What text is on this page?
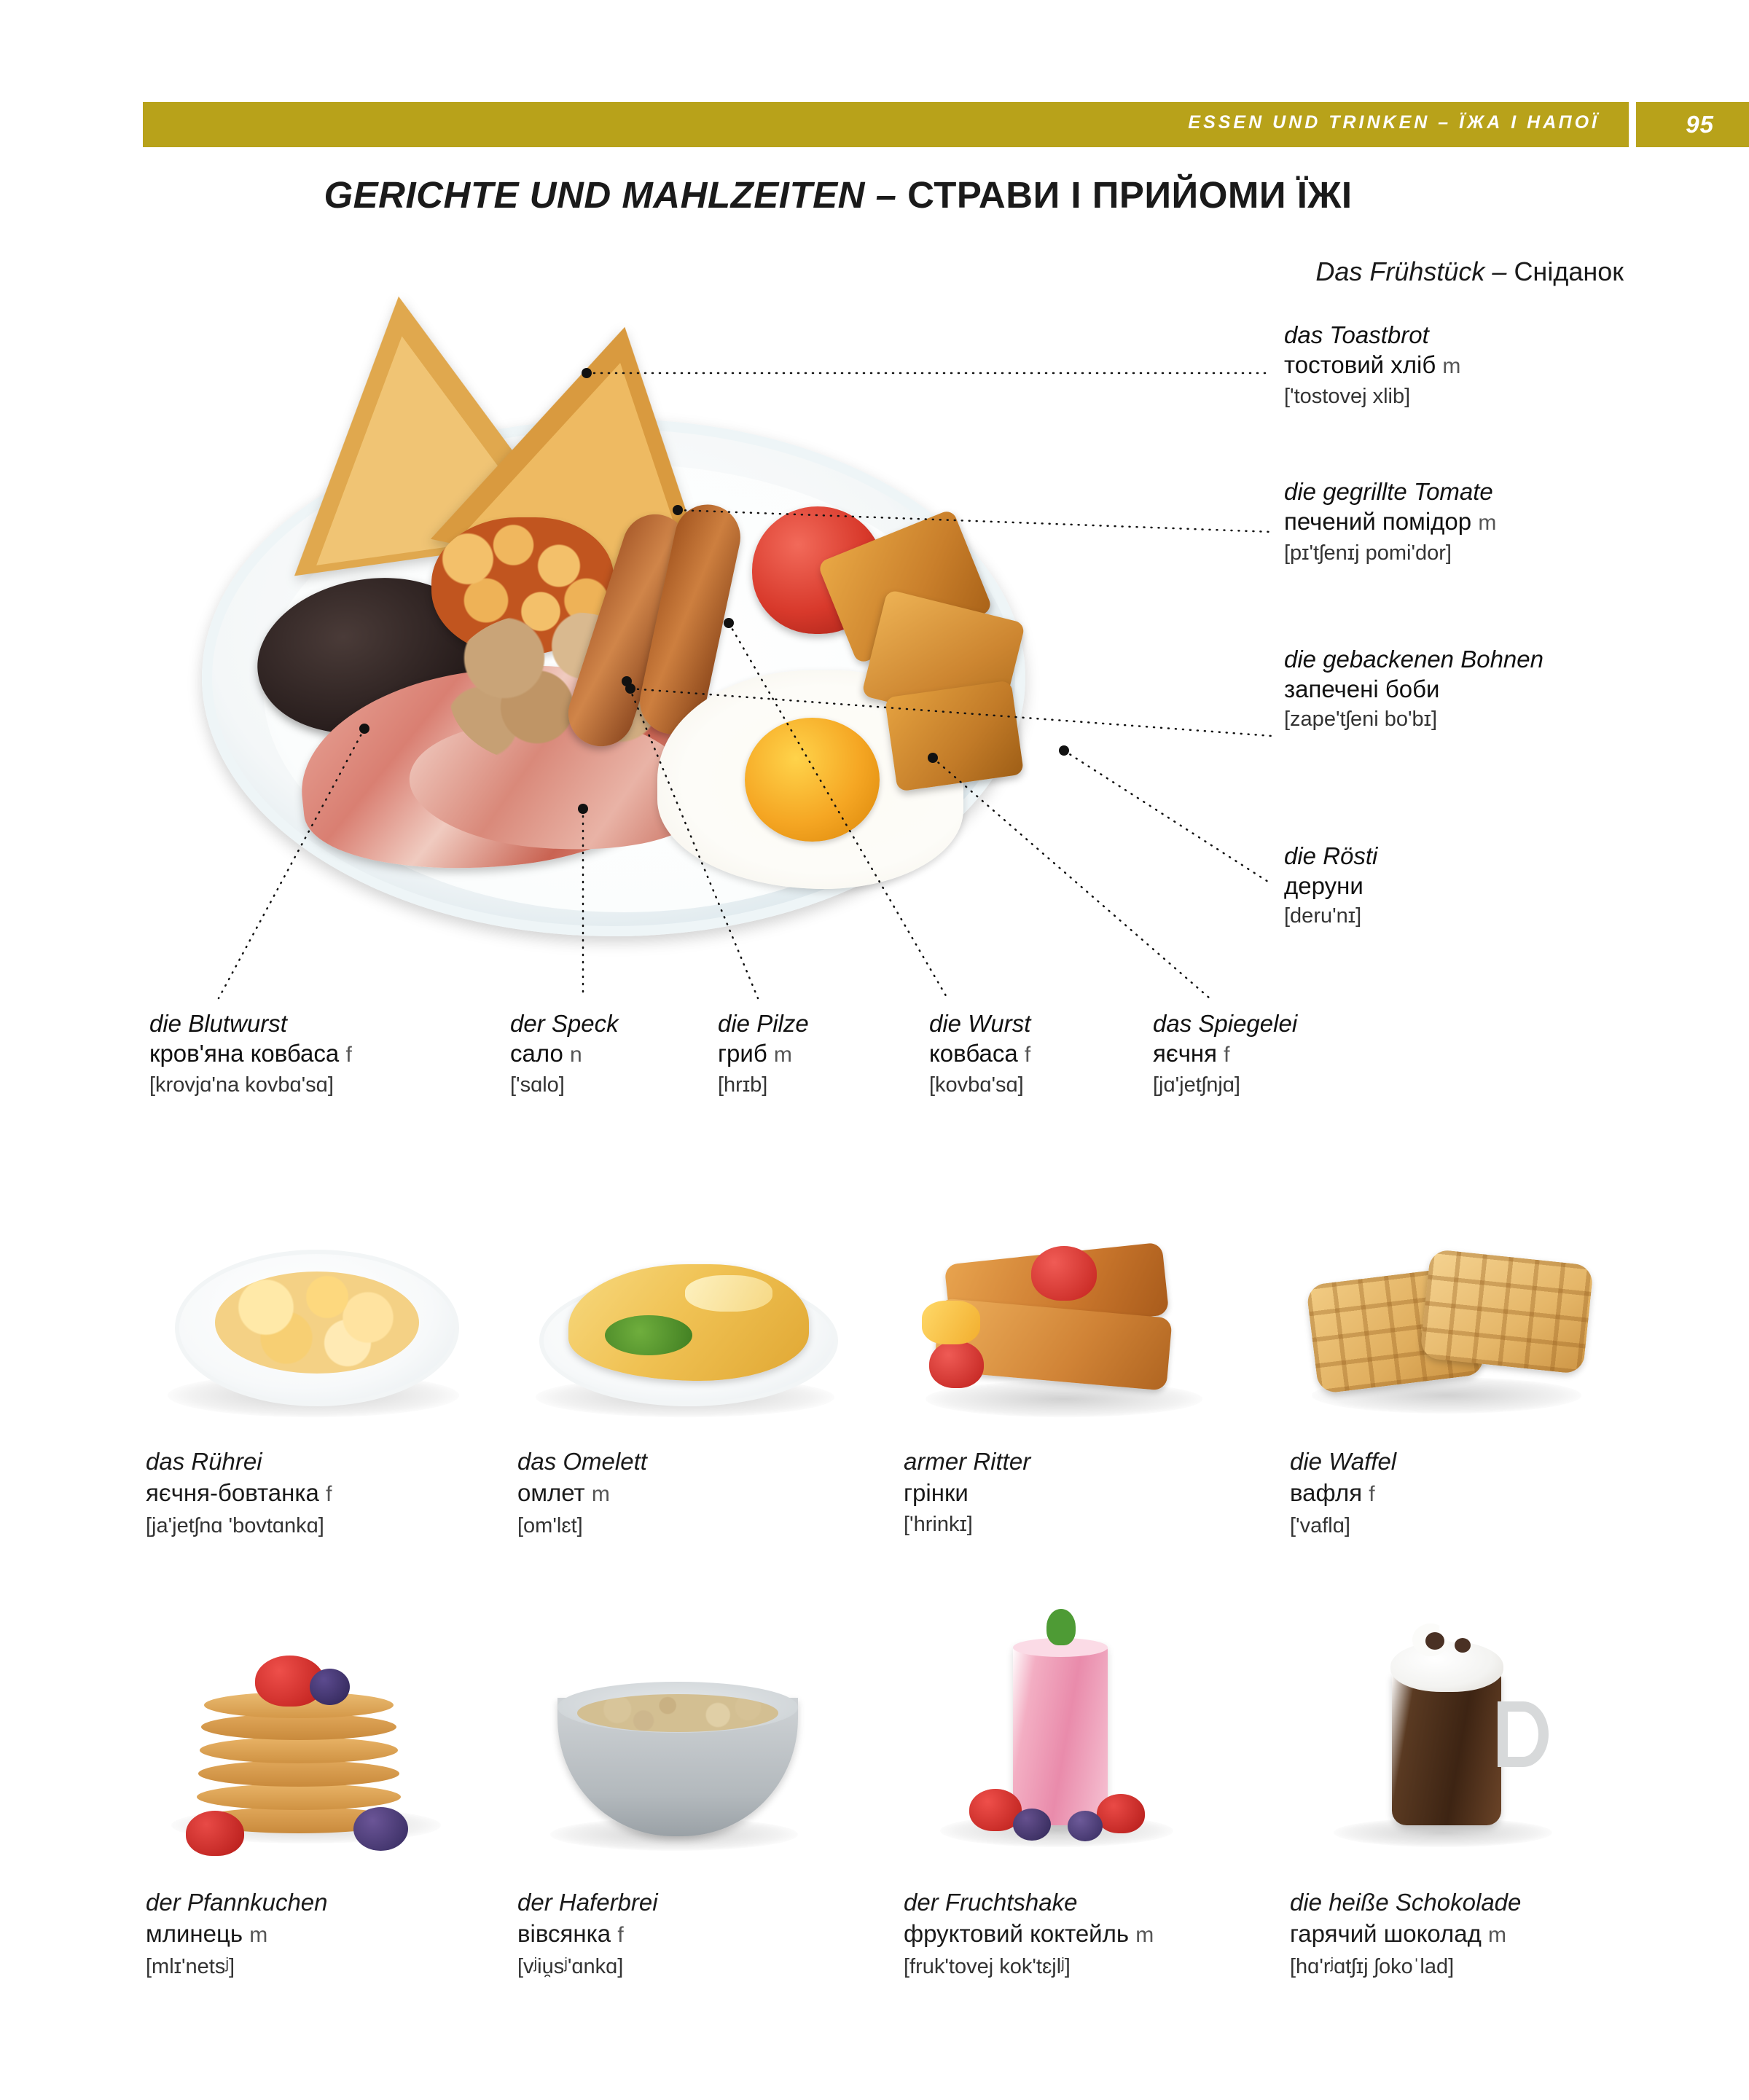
ESSEN UND TRINKEN – ЇЖА І НАПОЇ	95
GERICHTE UND MAHLZEITEN – СТРАВИ І ПРИЙОМИ ЇЖІ
Das Frühstück – Сніданок
das Toastbrot
тостовий хліб m
['tostovej xlib]
die gegrillte Tomate
печений помідор m
[pɪ'tʃenɪj pomi'dor]
die gebackenen Bohnen
запечені боби
[zape'tʃeni bo'bɪ]
die Rösti
деруни
[deru'nɪ]
die Blutwurst
кров'яна ковбаса f
[krovjɑ'na kovbɑ'sɑ]
der Speck
сало n
['sɑlo]
die Pilze
гриб m
[hrɪb]
die Wurst
ковбаса f
[kovbɑ'sɑ]
das Spiegelei
яєчня f
[jɑ'jetʃnjɑ]
das Rührei
яєчня-бовтанка f
[ja'jetʃnɑ 'bovtɑnkɑ]
das Omelett
омлет m
[om'lɛt]
armer Ritter
грінки
['hrinkɪ]
die Waffel
вафля f
['vaflɑ]
der Pfannkuchen
млинець m
[mlɪ'netsʲ]
der Haferbrei
вівсянка f
[vʲiu̯sʲ'ɑnkɑ]
der Fruchtshake
фруктовий коктейль m
[fruk'tovej kok'tɛjlʲ]
die heiße Schokolade
гарячий шоколад m
[hɑ'rʲɑtʃɪj ʃokoˈlad]
